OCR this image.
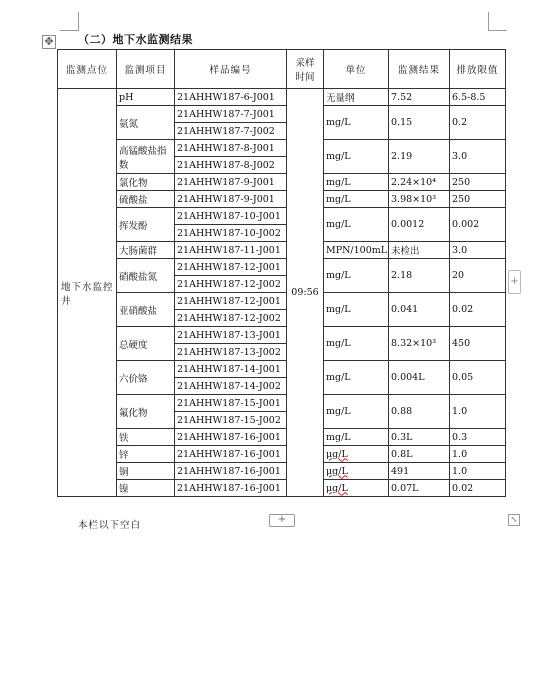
✥ （二）地下水监测结果
监测点位	监测项目	样品编号	采样
时间	单位	监测结果	排放限值
地下水监控井	pH	21AHHW187-6-J001	09:56	无量纲	7.52	6.5-8.5
	氨氮	21AHHW187-7-J001		mg/L	0.15	0.2
		21AHHW187-7-J002				
	高锰酸盐指数	21AHHW187-8-J001		mg/L	2.19	3.0
		21AHHW187-8-J002				
	氯化物	21AHHW187-9-J001		mg/L	2.24×10⁴	250
	硫酸盐	21AHHW187-9-J001		mg/L	3.98×10³	250
	挥发酚	21AHHW187-10-J001		mg/L	0.0012	0.002
		21AHHW187-10-J002				
	大肠菌群	21AHHW187-11-J001		MPN/100mL	未检出	3.0
	硝酸盐氮	21AHHW187-12-J001		mg/L	2.18	20
		21AHHW187-12-J002				
	亚硝酸盐	21AHHW187-12-J001		mg/L	0.041	0.02
		21AHHW187-12-J002				
	总硬度	21AHHW187-13-J001		mg/L	8.32×10³	450
		21AHHW187-13-J002				
	六价铬	21AHHW187-14-J001		mg/L	0.004L	0.05
		21AHHW187-14-J002				
	氟化物	21AHHW187-15-J001		mg/L	0.88	1.0
		21AHHW187-15-J002				
	铁	21AHHW187-16-J001		mg/L	0.3L	0.3
	锌	21AHHW187-16-J001		μg/L	0.8L	1.0
	铜	21AHHW187-16-J001		μg/L	491	1.0
	镍	21AHHW187-16-J001		μg/L	0.07L	0.02
本栏以下空白
+
+
⤡
